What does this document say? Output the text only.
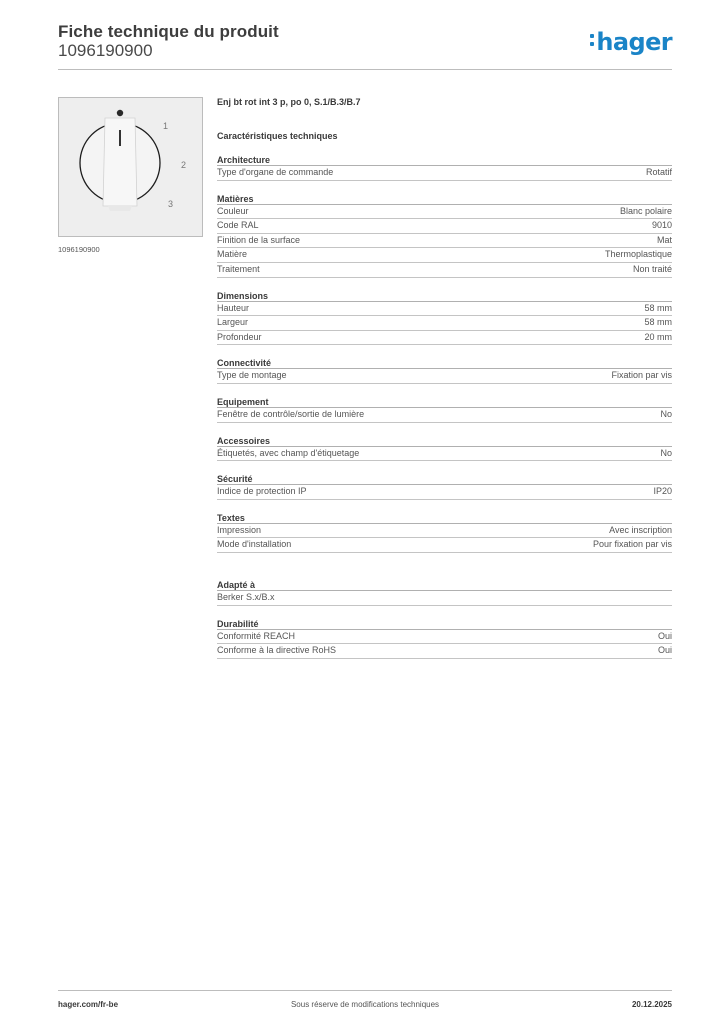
Fiche technique du produit
1096190900	hager
1
2
3
1096190900
Enj bt rot int 3 p, po 0, S.1/B.3/B.7
Caractéristiques techniques
Architecture
Type d'organe de commande	Rotatif
Matières
Couleur	Blanc polaire
Code RAL	9010
Finition de la surface	Mat
Matière	Thermoplastique
Traitement	Non traité
Dimensions
Hauteur	58 mm
Largeur	58 mm
Profondeur	20 mm
Connectivité
Type de montage	Fixation par vis
Equipement
Fenêtre de contrôle/sortie de lumière	No
Accessoires
Étiquetés, avec champ d'étiquetage	No
Sécurité
Indice de protection IP	IP20
Textes
Impression	Avec inscription
Mode d'installation	Pour fixation par vis
Adapté à
Berker S.x/B.x
Durabilité
Conformité REACH	Oui
Conforme à la directive RoHS	Oui
hager.com/fr-be	Sous réserve de modifications techniques	20.12.2025
